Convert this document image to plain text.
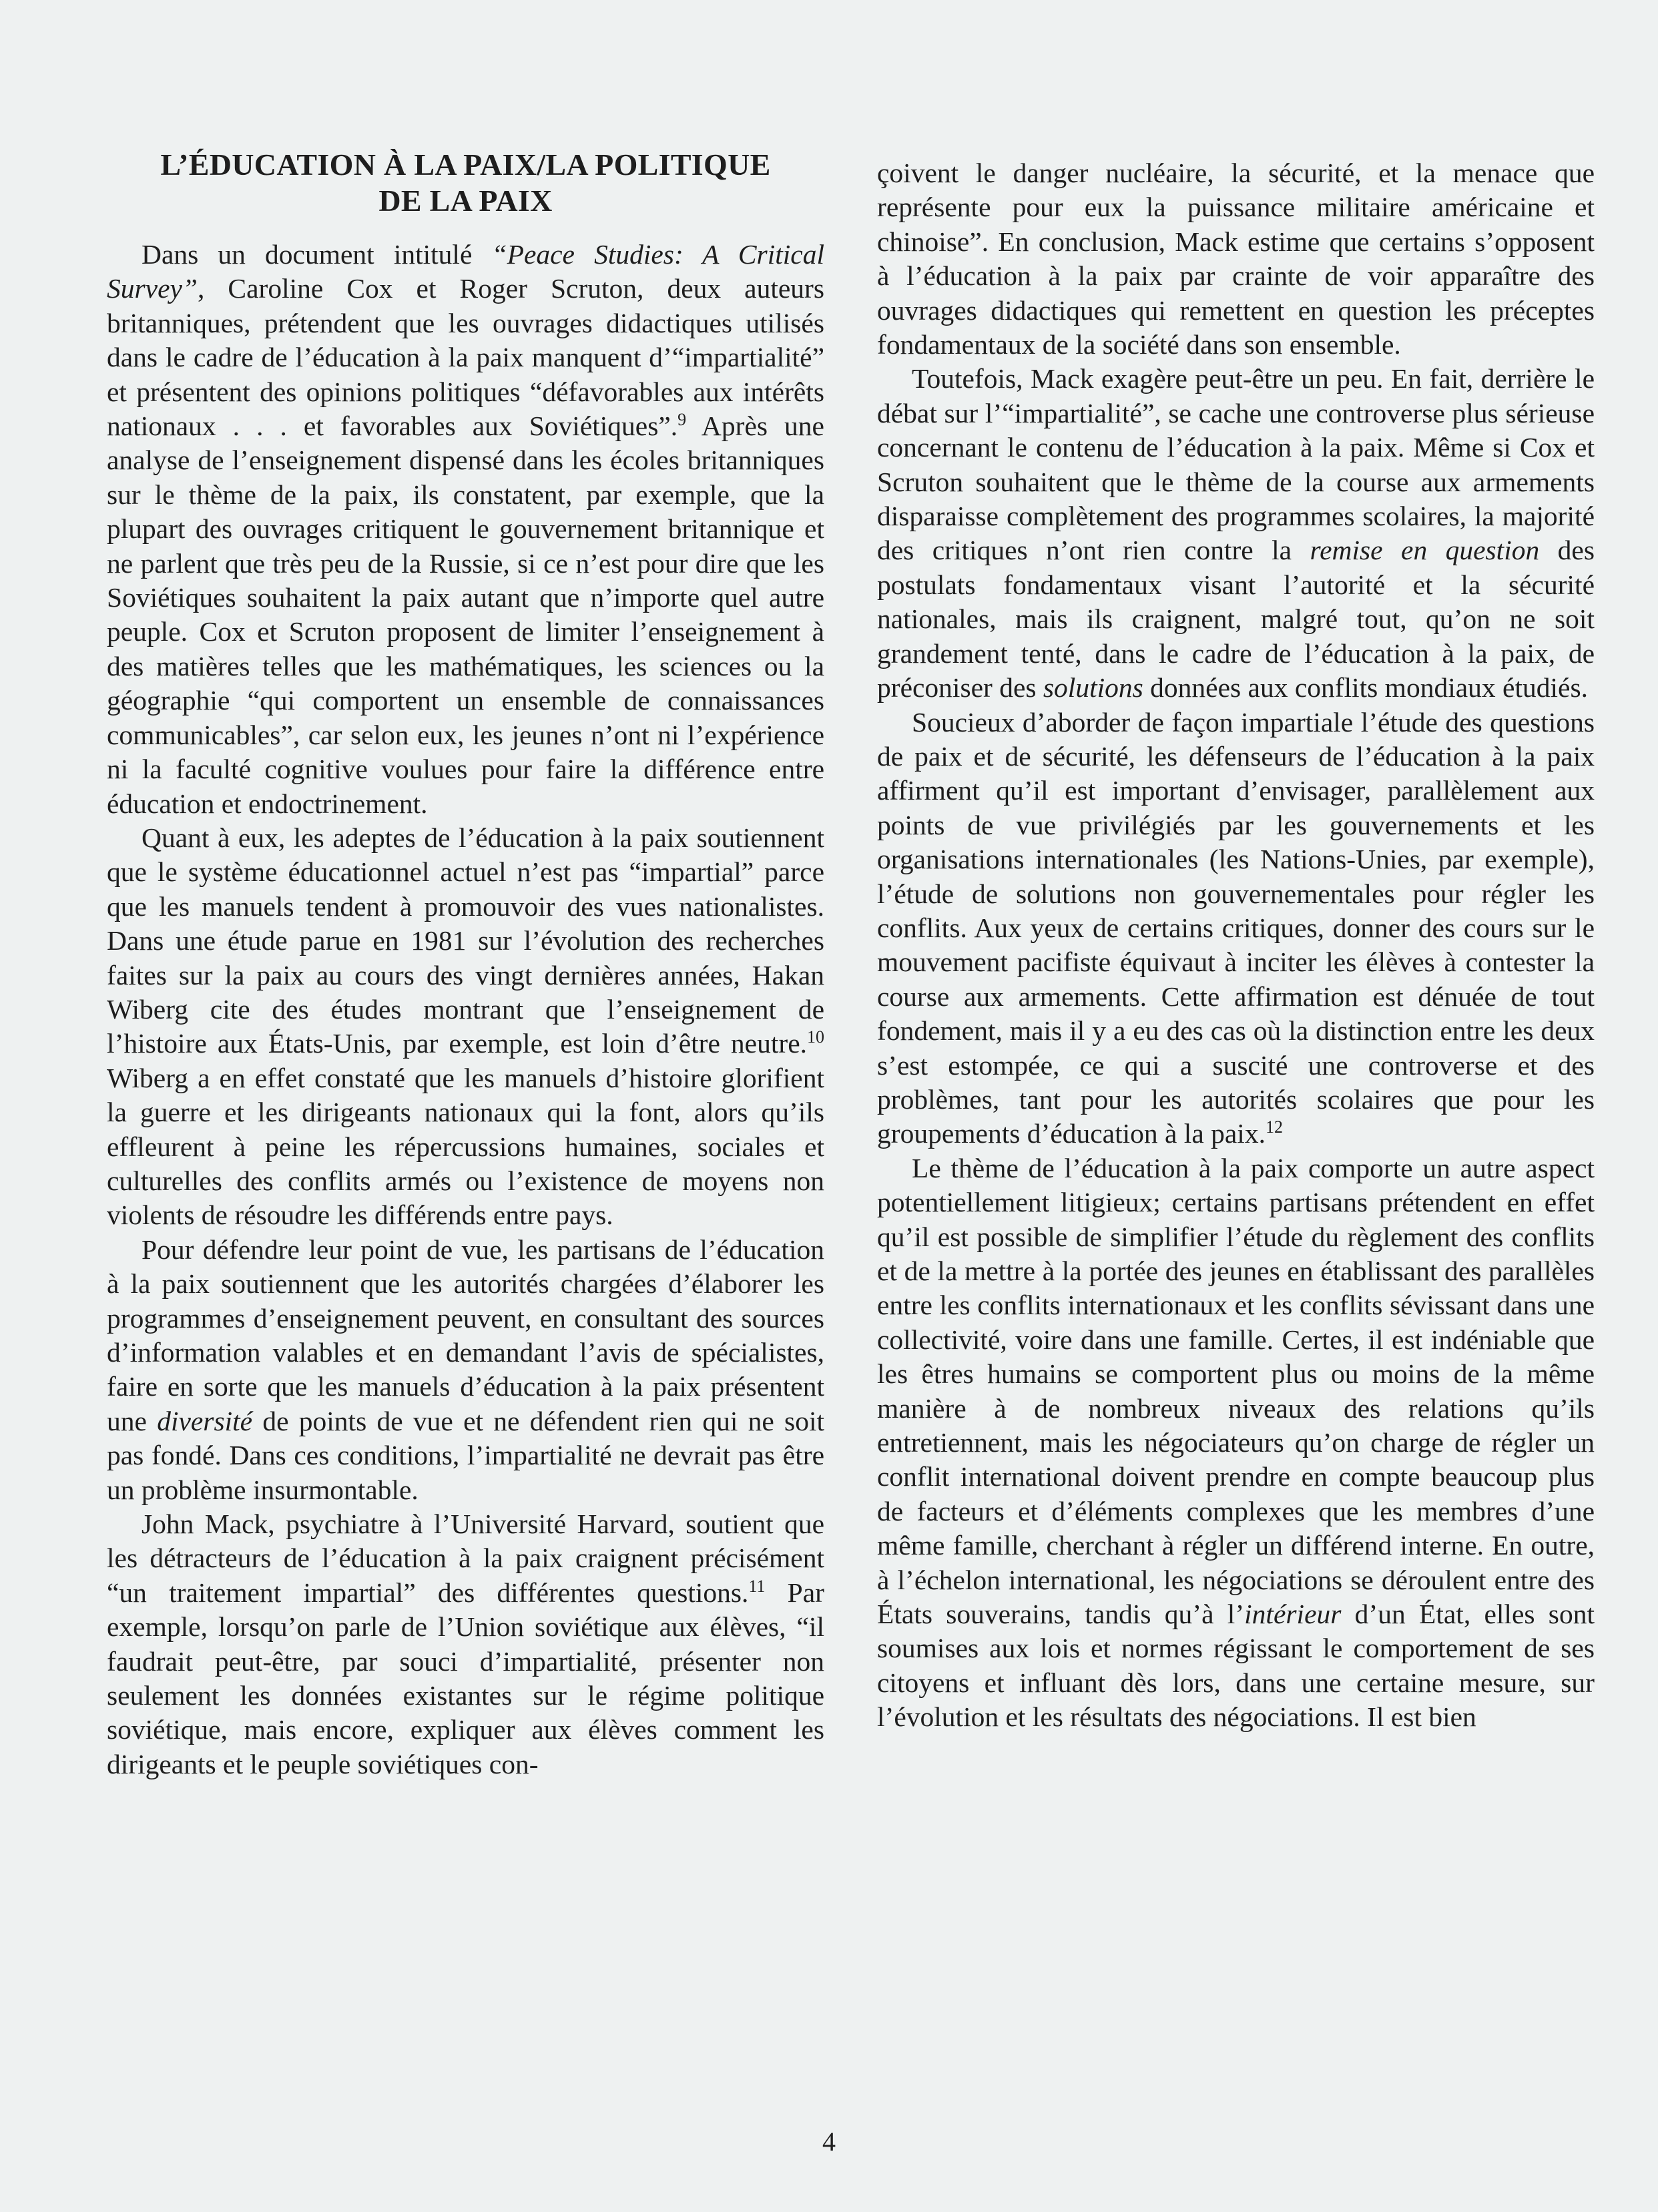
L’ÉDUCATION À LA PAIX/LA POLITIQUE
DE LA PAIX

Dans un document intitulé “Peace Studies: A Critical Survey”, Caroline Cox et Roger Scruton, deux auteurs britanniques, prétendent que les ouvrages didactiques utilisés dans le cadre de l’éducation à la paix manquent d’“impartialité” et présentent des opinions politiques “défavorables aux intérêts nationaux . . . et favorables aux Soviétiques”.$^9$ Après une analyse de l’enseignement dispensé dans les écoles britanniques sur le thème de la paix, ils constatent, par exemple, que la plupart des ouvrages critiquent le gouvernement britannique et ne parlent que très peu de la Russie, si ce n’est pour dire que les Soviétiques souhaitent la paix autant que n’importe quel autre peuple. Cox et Scruton proposent de limiter l’enseignement à des matières telles que les mathématiques, les sciences ou la géographie “qui comportent un ensemble de connaissances communicables”, car selon eux, les jeunes n’ont ni l’expérience ni la faculté cognitive voulues pour faire la différence entre éducation et endoctrinement.

Quant à eux, les adeptes de l’éducation à la paix soutiennent que le système éducationnel actuel n’est pas “impartial” parce que les manuels tendent à promouvoir des vues nationalistes. Dans une étude parue en 1981 sur l’évolution des recherches faites sur la paix au cours des vingt dernières années, Hakan Wiberg cite des études montrant que l’enseignement de l’histoire aux États-Unis, par exemple, est loin d’être neutre.$^{10}$ Wiberg a en effet constaté que les manuels d’histoire glorifient la guerre et les dirigeants nationaux qui la font, alors qu’ils effleurent à peine les répercussions humaines, sociales et culturelles des conflits armés ou l’existence de moyens non violents de résoudre les différends entre pays.

Pour défendre leur point de vue, les partisans de l’éducation à la paix soutiennent que les autorités chargées d’élaborer les programmes d’enseignement peuvent, en consultant des sources d’information valables et en demandant l’avis de spécialistes, faire en sorte que les manuels d’éducation à la paix présentent une diversité de points de vue et ne défendent rien qui ne soit pas fondé. Dans ces conditions, l’impartialité ne devrait pas être un problème insurmontable.

John Mack, psychiatre à l’Université Harvard, soutient que les détracteurs de l’éducation à la paix craignent précisément “un traitement impartial” des différentes questions.$^{11}$ Par exemple, lorsqu’on parle de l’Union soviétique aux élèves, “il faudrait peut-être, par souci d’impartialité, présenter non seulement les données existantes sur le régime politique soviétique, mais encore, expliquer aux élèves comment les dirigeants et le peuple soviétiques con-

çoivent le danger nucléaire, la sécurité, et la menace que représente pour eux la puissance militaire américaine et chinoise”. En conclusion, Mack estime que certains s’opposent à l’éducation à la paix par crainte de voir apparaître des ouvrages didactiques qui remettent en question les préceptes fondamentaux de la société dans son ensemble.

Toutefois, Mack exagère peut-être un peu. En fait, derrière le débat sur l’“impartialité”, se cache une controverse plus sérieuse concernant le contenu de l’éducation à la paix. Même si Cox et Scruton souhaitent que le thème de la course aux armements disparaisse complètement des programmes scolaires, la majorité des critiques n’ont rien contre la remise en question des postulats fondamentaux visant l’autorité et la sécurité nationales, mais ils craignent, malgré tout, qu’on ne soit grandement tenté, dans le cadre de l’éducation à la paix, de préconiser des solutions données aux conflits mondiaux étudiés.

Soucieux d’aborder de façon impartiale l’étude des questions de paix et de sécurité, les défenseurs de l’éducation à la paix affirment qu’il est important d’envisager, parallèlement aux points de vue privilégiés par les gouvernements et les organisations internationales (les Nations-Unies, par exemple), l’étude de solutions non gouvernementales pour régler les conflits. Aux yeux de certains critiques, donner des cours sur le mouvement pacifiste équivaut à inciter les élèves à contester la course aux armements. Cette affirmation est dénuée de tout fondement, mais il y a eu des cas où la distinction entre les deux s’est estompée, ce qui a suscité une controverse et des problèmes, tant pour les autorités scolaires que pour les groupements d’éducation à la paix.$^{12}$

Le thème de l’éducation à la paix comporte un autre aspect potentiellement litigieux; certains partisans prétendent en effet qu’il est possible de simplifier l’étude du règlement des conflits et de la mettre à la portée des jeunes en établissant des parallèles entre les conflits internationaux et les conflits sévissant dans une collectivité, voire dans une famille. Certes, il est indéniable que les êtres humains se comportent plus ou moins de la même manière à de nombreux niveaux des relations qu’ils entretiennent, mais les négociateurs qu’on charge de régler un conflit international doivent prendre en compte beaucoup plus de facteurs et d’éléments complexes que les membres d’une même famille, cherchant à régler un différend interne. En outre, à l’échelon international, les négociations se déroulent entre des États souverains, tandis qu’à l’intérieur d’un État, elles sont soumises aux lois et normes régissant le comportement de ses citoyens et influant dès lors, dans une certaine mesure, sur l’évolution et les résultats des négociations. Il est bien

4
